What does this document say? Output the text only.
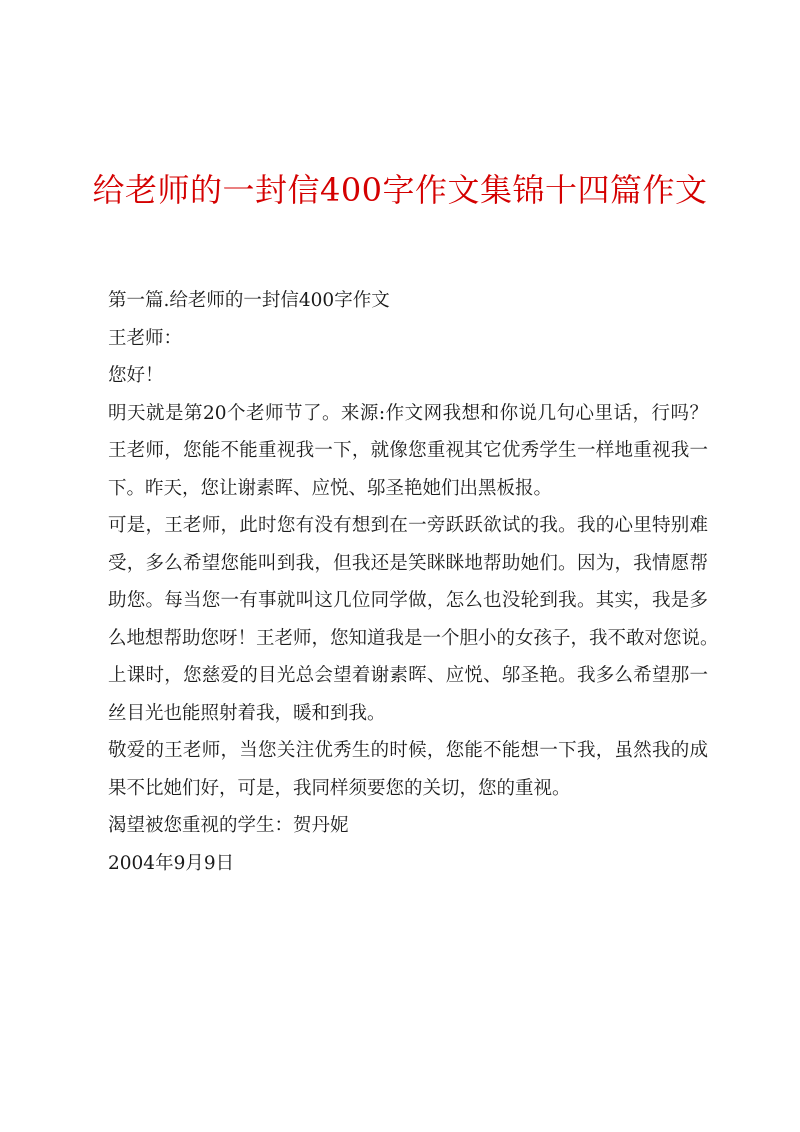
给老师的一封信400字作文集锦十四篇作文
第一篇.给老师的一封信400字作文
王老师：
您好！
明天就是第20个老师节了。来源:作文网我想和你说几句心里话，行吗？
王老师，您能不能重视我一下，就像您重视其它优秀学生一样地重视我一
下。昨天，您让谢素晖、应悦、邬圣艳她们出黑板报。
可是，王老师，此时您有没有想到在一旁跃跃欲试的我。我的心里特别难
受，多么希望您能叫到我，但我还是笑眯眯地帮助她们。因为，我情愿帮
助您。每当您一有事就叫这几位同学做，怎么也没轮到我。其实，我是多
么地想帮助您呀！王老师，您知道我是一个胆小的女孩子，我不敢对您说。
上课时，您慈爱的目光总会望着谢素晖、应悦、邬圣艳。我多么希望那一
丝目光也能照射着我，暖和到我。
敬爱的王老师，当您关注优秀生的时候，您能不能想一下我，虽然我的成
果不比她们好，可是，我同样须要您的关切，您的重视。
渴望被您重视的学生：贺丹妮
2004年9月9日
